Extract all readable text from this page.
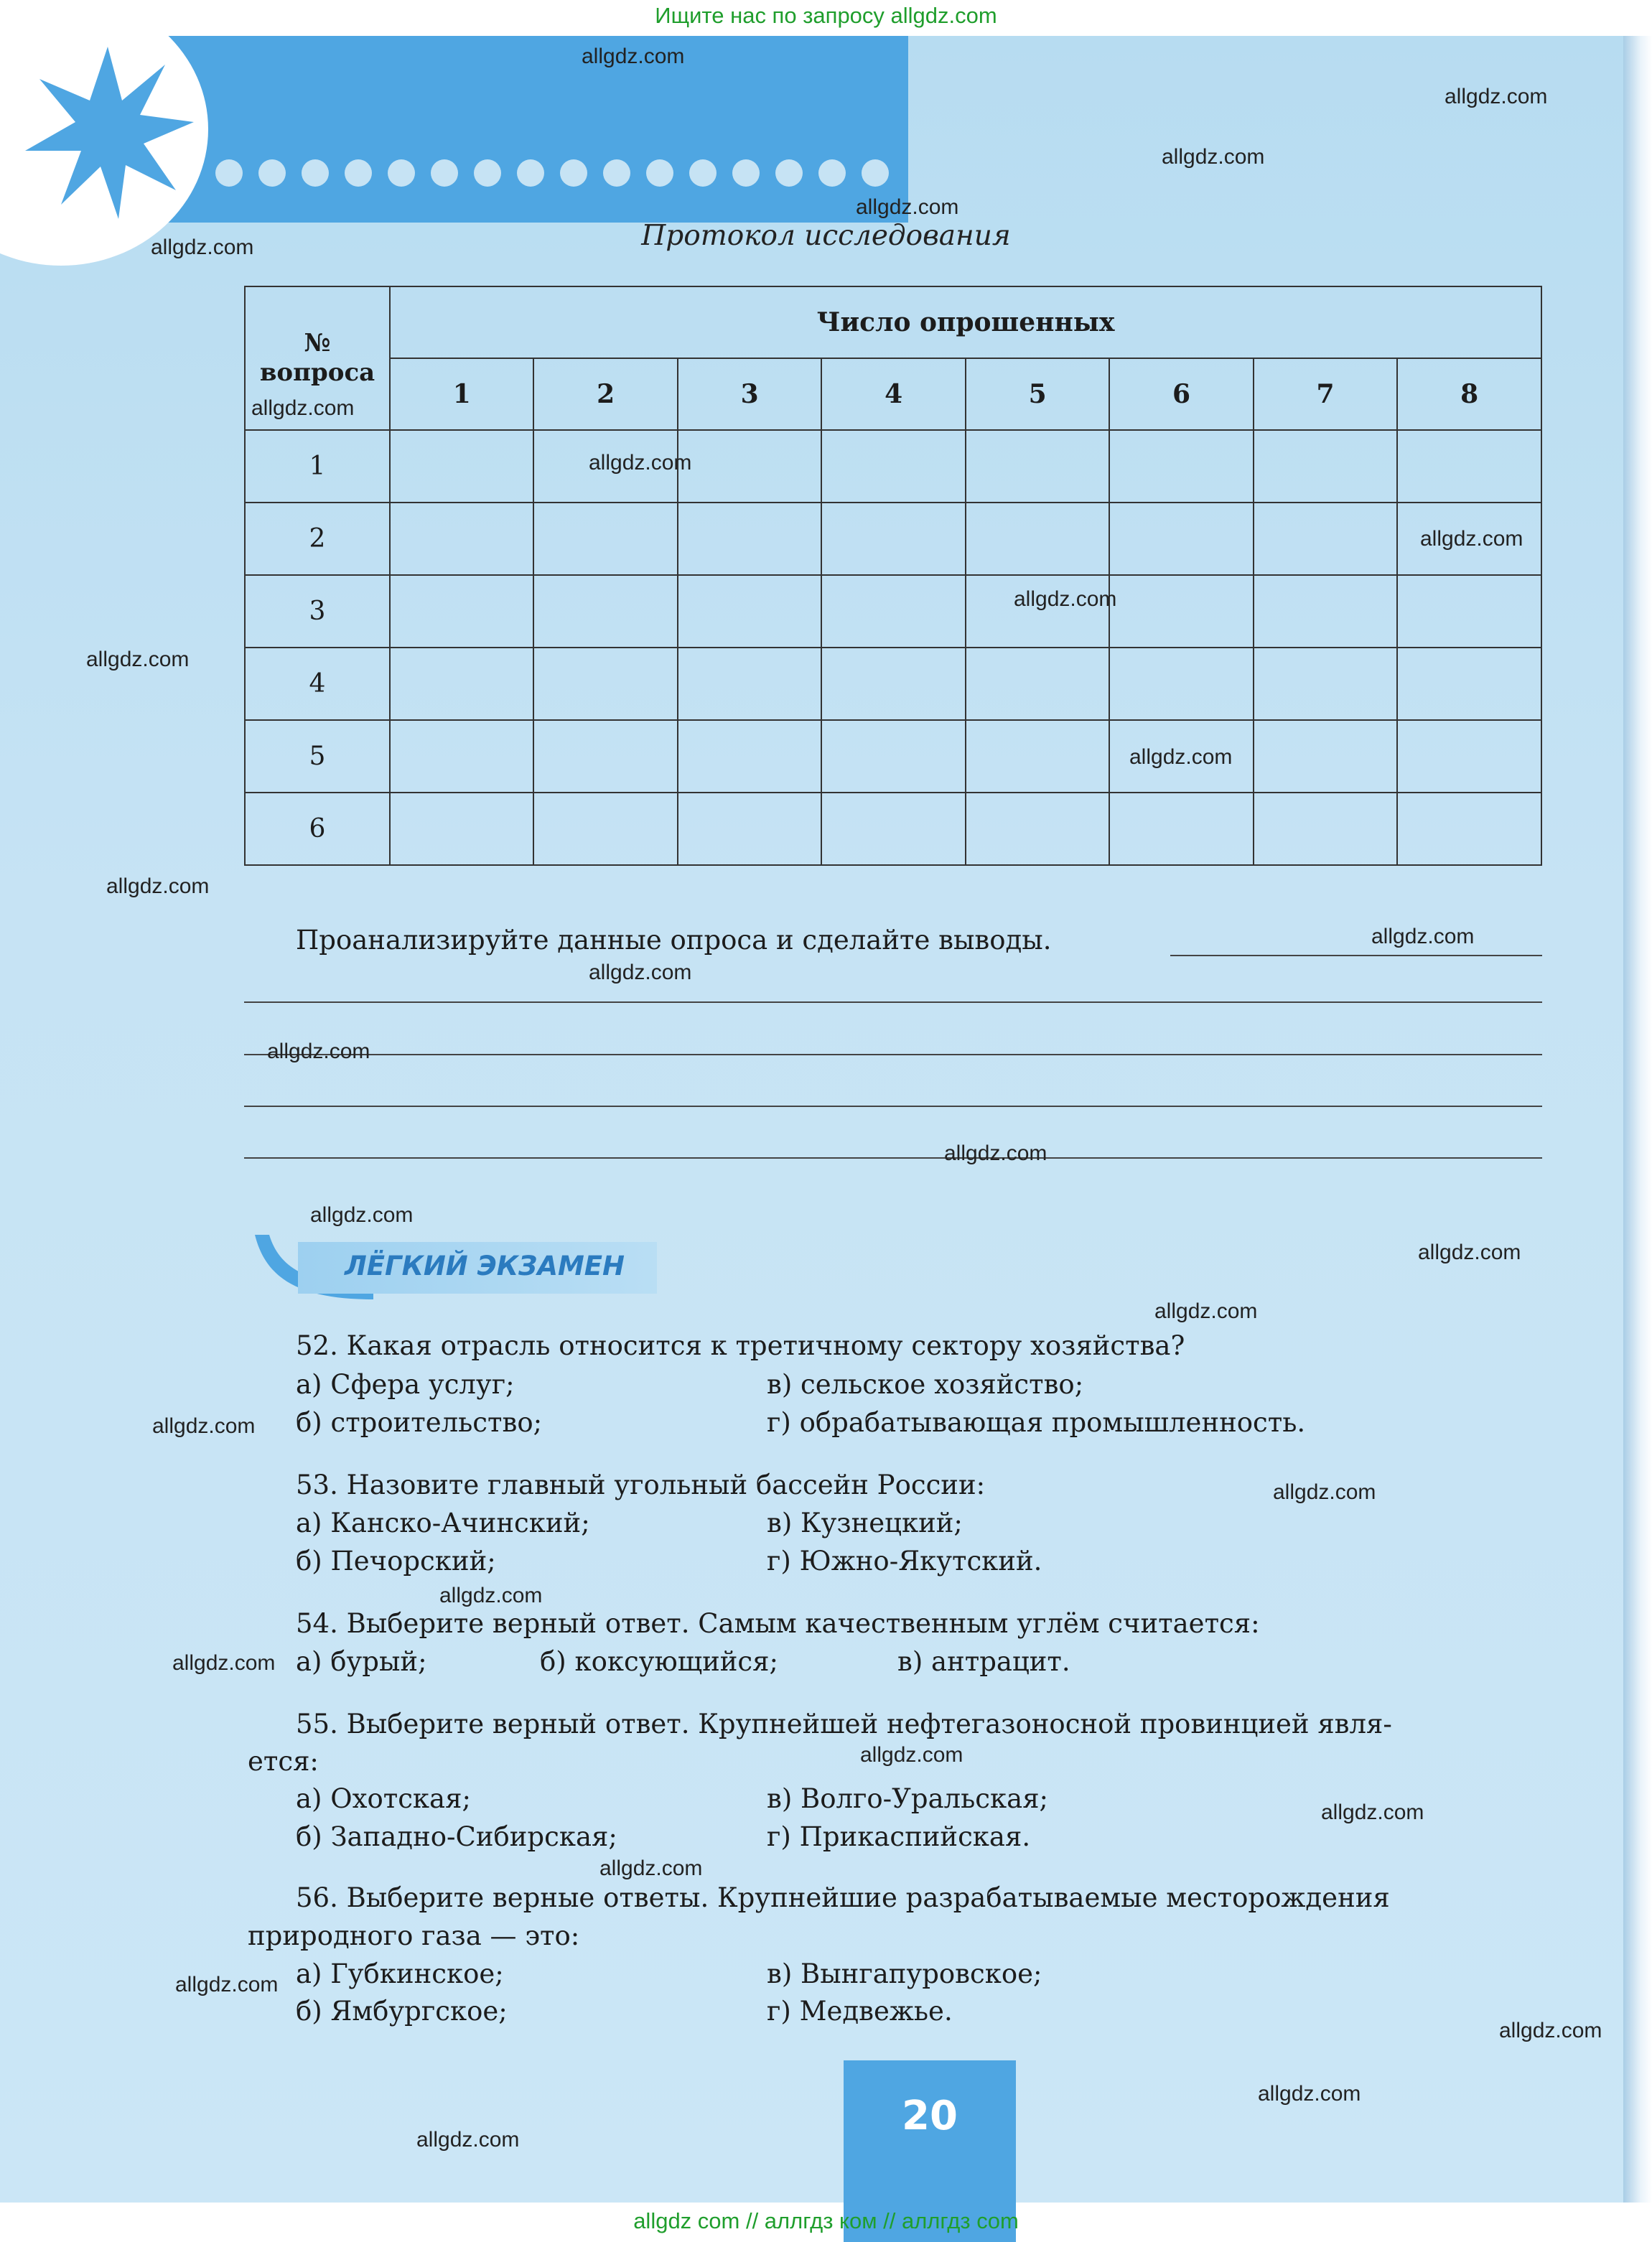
Ищите нас по запросу allgdz.com
Протокол исследования
№ вопроса	Число опрошенных							
	1	2	3	4	5	6	7	8
1								
2								
3								
4								
5								
6								
Проанализируйте данные опроса и сделайте выводы.
ЛЁГКИЙ ЭКЗАМЕН
52. Какая отрасль относится к третичному сектору хозяйства?
а) Сфера услуг;	в) сельское хозяйство;
б) строительство;	г) обрабатывающая промышленность.
53. Назовите главный угольный бассейн России:
а) Канско-Ачинский;	в) Кузнецкий;
б) Печорский;	г) Южно-Якутский.
54. Выберите верный ответ. Самым качественным углём считается:
а) бурый;	б) коксующийся;	в) антрацит.
55. Выберите верный ответ. Крупнейшей нефтегазоносной провинцией явля-
ется:
а) Охотская;	в) Волго-Уральская;
б) Западно-Сибирская;	г) Прикаспийская.
56. Выберите верные ответы. Крупнейшие разрабатываемые месторождения
природного газа — это:
а) Губкинское;	в) Вынгапуровское;
б) Ямбургское;	г) Медвежье.
20
allgdz com // аллгдз ком // аллгдз com
allgdz.com
allgdz.com
allgdz.com
allgdz.com
allgdz.com
allgdz.com
allgdz.com
allgdz.com
allgdz.com
allgdz.com
allgdz.com
allgdz.com
allgdz.com
allgdz.com
allgdz.com
allgdz.com
allgdz.com
allgdz.com
allgdz.com
allgdz.com
allgdz.com
allgdz.com
allgdz.com
allgdz.com
allgdz.com
allgdz.com
allgdz.com
allgdz.com
allgdz.com
allgdz.com
